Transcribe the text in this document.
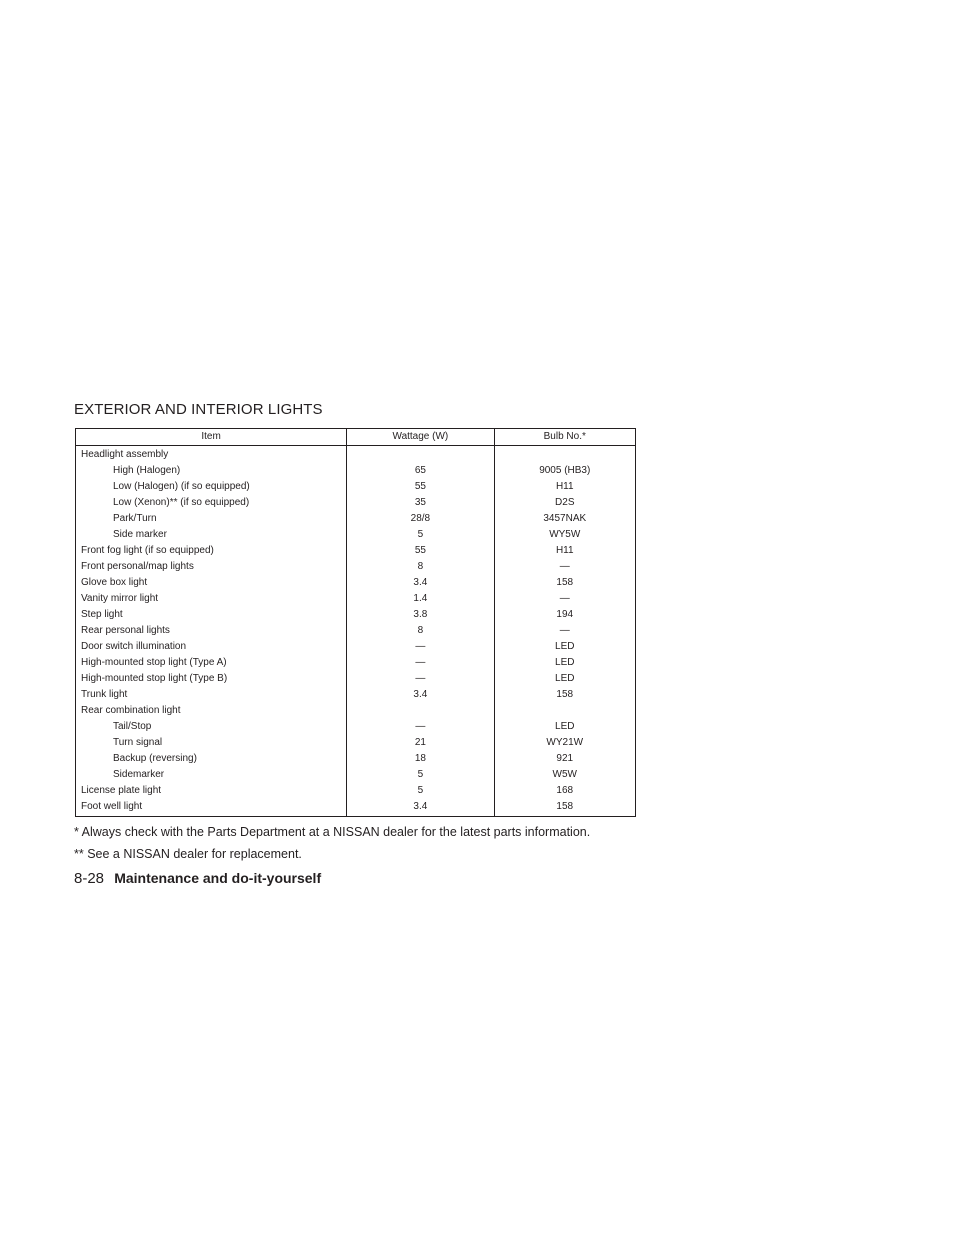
EXTERIOR AND INTERIOR LIGHTS
Item	Wattage (W)	Bulb No.*

Headlight assembly		
High (Halogen)	65	9005 (HB3)
Low (Halogen) (if so equipped)	55	H11
Low (Xenon)** (if so equipped)	35	D2S
Park/Turn	28/8	3457NAK
Side marker	5	WY5W
Front fog light (if so equipped)	55	H11
Front personal/map lights	8	—
Glove box light	3.4	158
Vanity mirror light	1.4	—
Step light	3.8	194
Rear personal lights	8	—
Door switch illumination	—	LED
High-mounted stop light (Type A)	—	LED
High-mounted stop light (Type B)	—	LED
Trunk light	3.4	158
Rear combination light		
Tail/Stop	—	LED
Turn signal	21	WY21W
Backup (reversing)	18	921
Sidemarker	5	W5W
License plate light	5	168
Foot well light	3.4	158

* Always check with the Parts Department at a NISSAN dealer for the latest parts information.

** See a NISSAN dealer for replacement.

8-28 Maintenance and do-it-yourself
